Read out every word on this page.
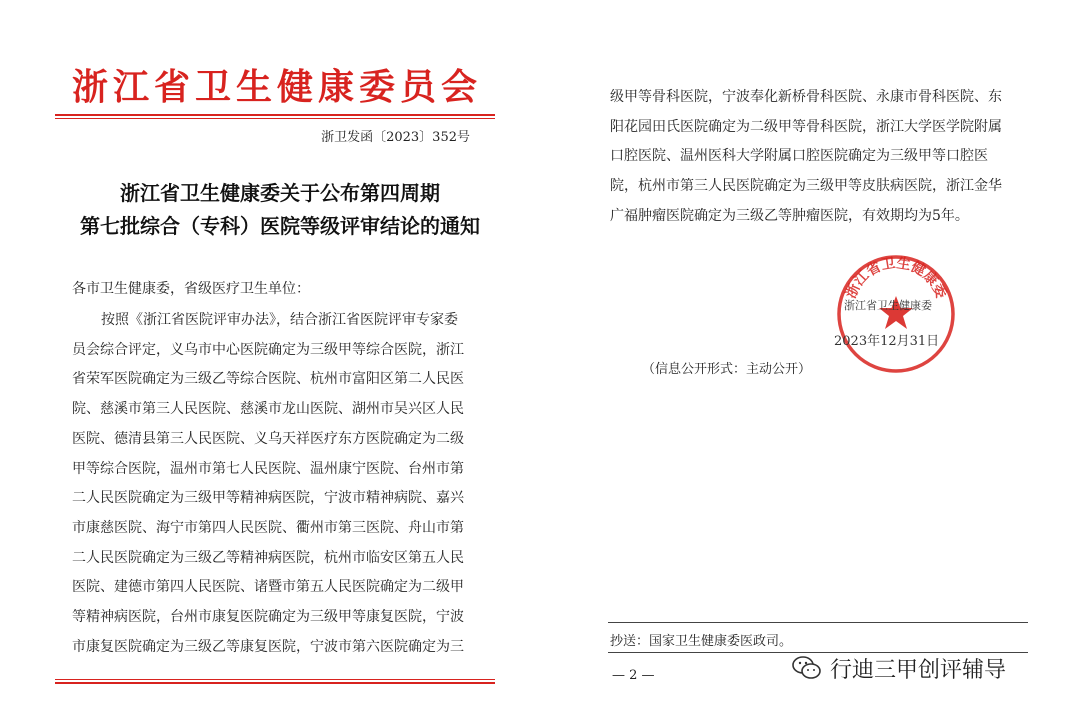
浙江省卫生健康委员会
浙卫发函〔2023〕352号
浙江省卫生健康委关于公布第四周期
第七批综合（专科）医院等级评审结论的通知
各市卫生健康委，省级医疗卫生单位：
按照《浙江省医院评审办法》，结合浙江省医院评审专家委
员会综合评定，义乌市中心医院确定为三级甲等综合医院，浙江
省荣军医院确定为三级乙等综合医院、杭州市富阳区第二人民医
院、慈溪市第三人民医院、慈溪市龙山医院、湖州市吴兴区人民
医院、德清县第三人民医院、义乌天祥医疗东方医院确定为二级
甲等综合医院，温州市第七人民医院、温州康宁医院、台州市第
二人民医院确定为三级甲等精神病医院，宁波市精神病院、嘉兴
市康慈医院、海宁市第四人民医院、衢州市第三医院、舟山市第
二人民医院确定为三级乙等精神病医院，杭州市临安区第五人民
医院、建德市第四人民医院、诸暨市第五人民医院确定为二级甲
等精神病医院，台州市康复医院确定为三级甲等康复医院，宁波
市康复医院确定为三级乙等康复医院，宁波市第六医院确定为三
级甲等骨科医院，宁波奉化新桥骨科医院、永康市骨科医院、东
阳花园田氏医院确定为二级甲等骨科医院，浙江大学医学院附属
口腔医院、温州医科大学附属口腔医院确定为三级甲等口腔医
院，杭州市第三人民医院确定为三级甲等皮肤病医院，浙江金华
广福肿瘤医院确定为三级乙等肿瘤医院，有效期均为5年。
浙江省卫生健康委
浙江省卫生健康委
2023年12月31日
（信息公开形式：主动公开）
抄送：国家卫生健康委医政司。
— 2 —	行迪三甲创评辅导
